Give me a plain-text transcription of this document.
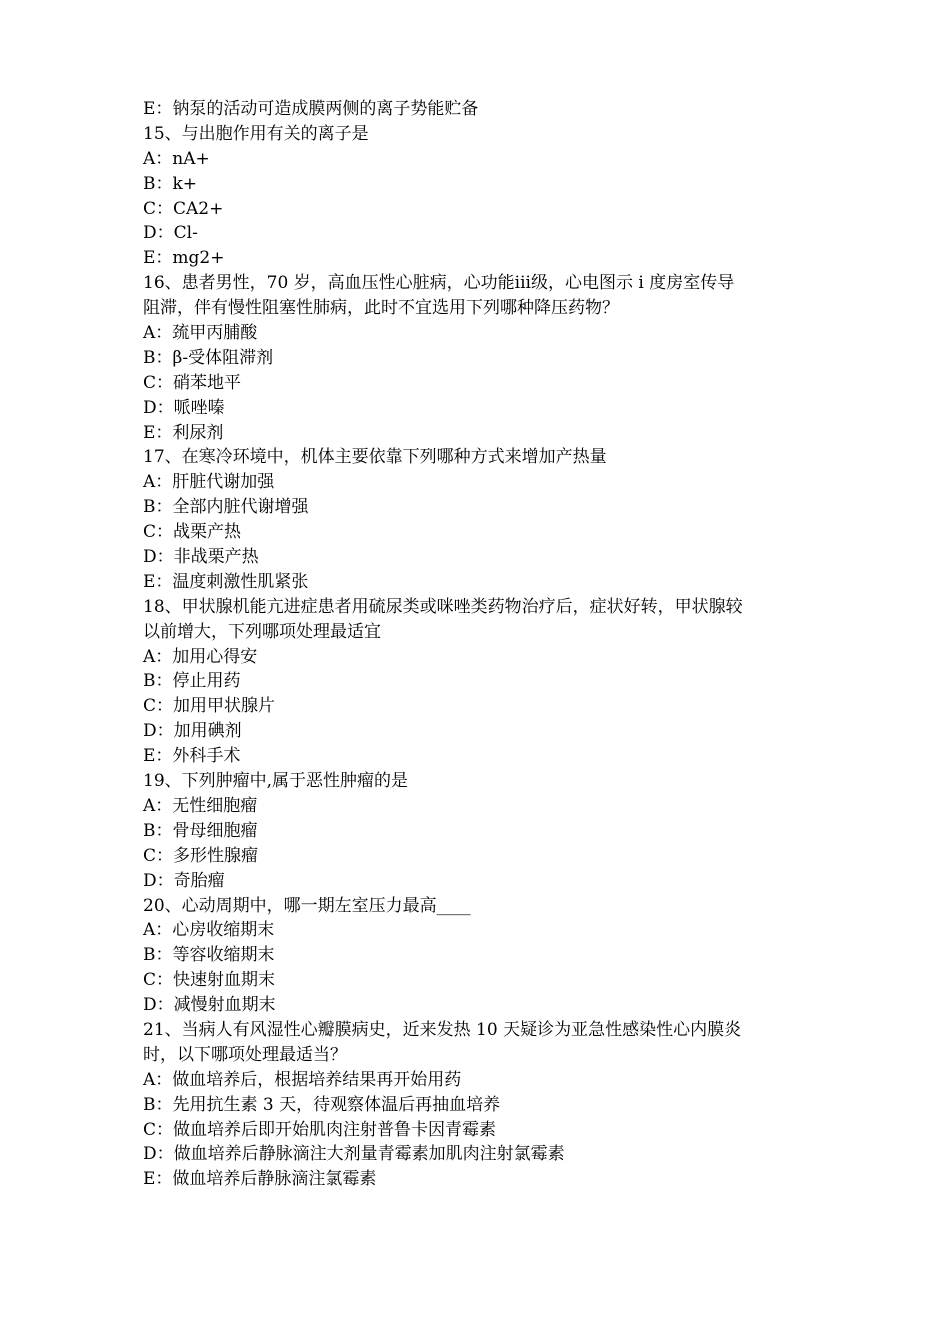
E：钠泵的活动可造成膜两侧的离子势能贮备
15、与出胞作用有关的离子是
A：nA+
B：k+
C：CA2+
D：Cl-
E：mg2+
16、患者男性，70 岁，高血压性心脏病，心功能iii级，心电图示 i 度房室传导
阻滞，伴有慢性阻塞性肺病，此时不宜选用下列哪种降压药物？
A：巯甲丙脯酸
B：β-受体阻滞剂
C：硝苯地平
D：哌唑嗪
E：利尿剂
17、在寒冷环境中，机体主要依靠下列哪种方式来增加产热量
A：肝脏代谢加强
B：全部内脏代谢增强
C：战栗产热
D：非战栗产热
E：温度刺激性肌紧张
18、甲状腺机能亢进症患者用硫尿类或咪唑类药物治疗后，症状好转，甲状腺较
以前增大，下列哪项处理最适宜
A：加用心得安
B：停止用药
C：加用甲状腺片
D：加用碘剂
E：外科手术
19、下列肿瘤中,属于恶性肿瘤的是
A：无性细胞瘤
B：骨母细胞瘤
C：多形性腺瘤
D：奇胎瘤
20、心动周期中，哪一期左室压力最高____
A：心房收缩期末
B：等容收缩期末
C：快速射血期末
D：减慢射血期末
21、当病人有风湿性心瓣膜病史，近来发热 10 天疑诊为亚急性感染性心内膜炎
时，以下哪项处理最适当？
A：做血培养后，根据培养结果再开始用药
B：先用抗生素 3 天，待观察体温后再抽血培养
C：做血培养后即开始肌肉注射普鲁卡因青霉素
D：做血培养后静脉滴注大剂量青霉素加肌肉注射氯霉素
E：做血培养后静脉滴注氯霉素
